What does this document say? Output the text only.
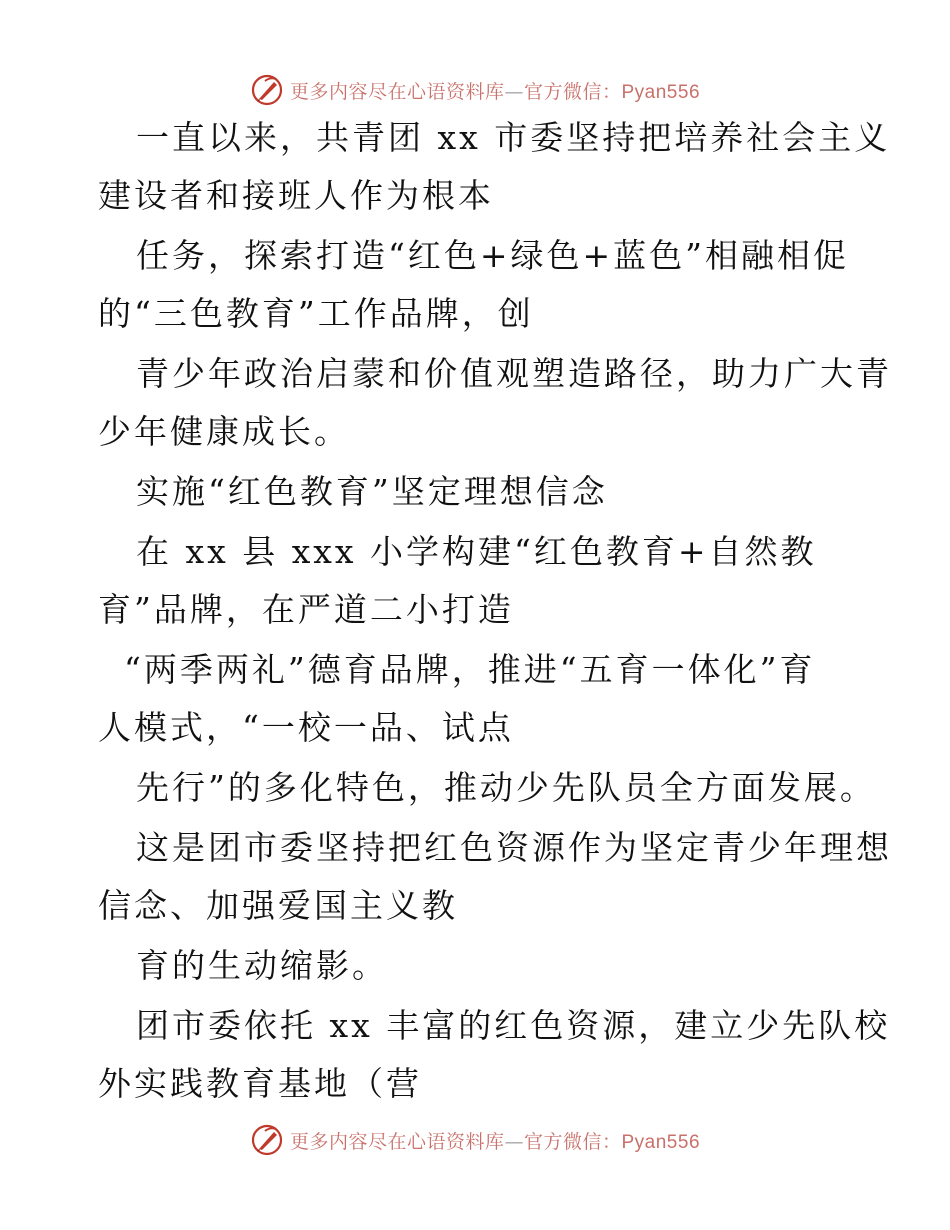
更多内容尽在心语资料库—官方微信：Pyan556
一直以来，共青团 xx 市委坚持把培养社会主义
建设者和接班人作为根本
任务，探索打造“红色+绿色+蓝色”相融相促
的“三色教育”工作品牌，创
青少年政治启蒙和价值观塑造路径，助力广大青
少年健康成长。
实施“红色教育”坚定理想信念
在 xx 县 xxx 小学构建“红色教育+自然教
育”品牌，在严道二小打造
“两季两礼”德育品牌，推进“五育一体化”育
人模式，“一校一品、试点
先行”的多化特色，推动少先队员全方面发展。
这是团市委坚持把红色资源作为坚定青少年理想
信念、加强爱国主义教
育的生动缩影。
团市委依托 xx 丰富的红色资源，建立少先队校
外实践教育基地（营
更多内容尽在心语资料库—官方微信：Pyan556
